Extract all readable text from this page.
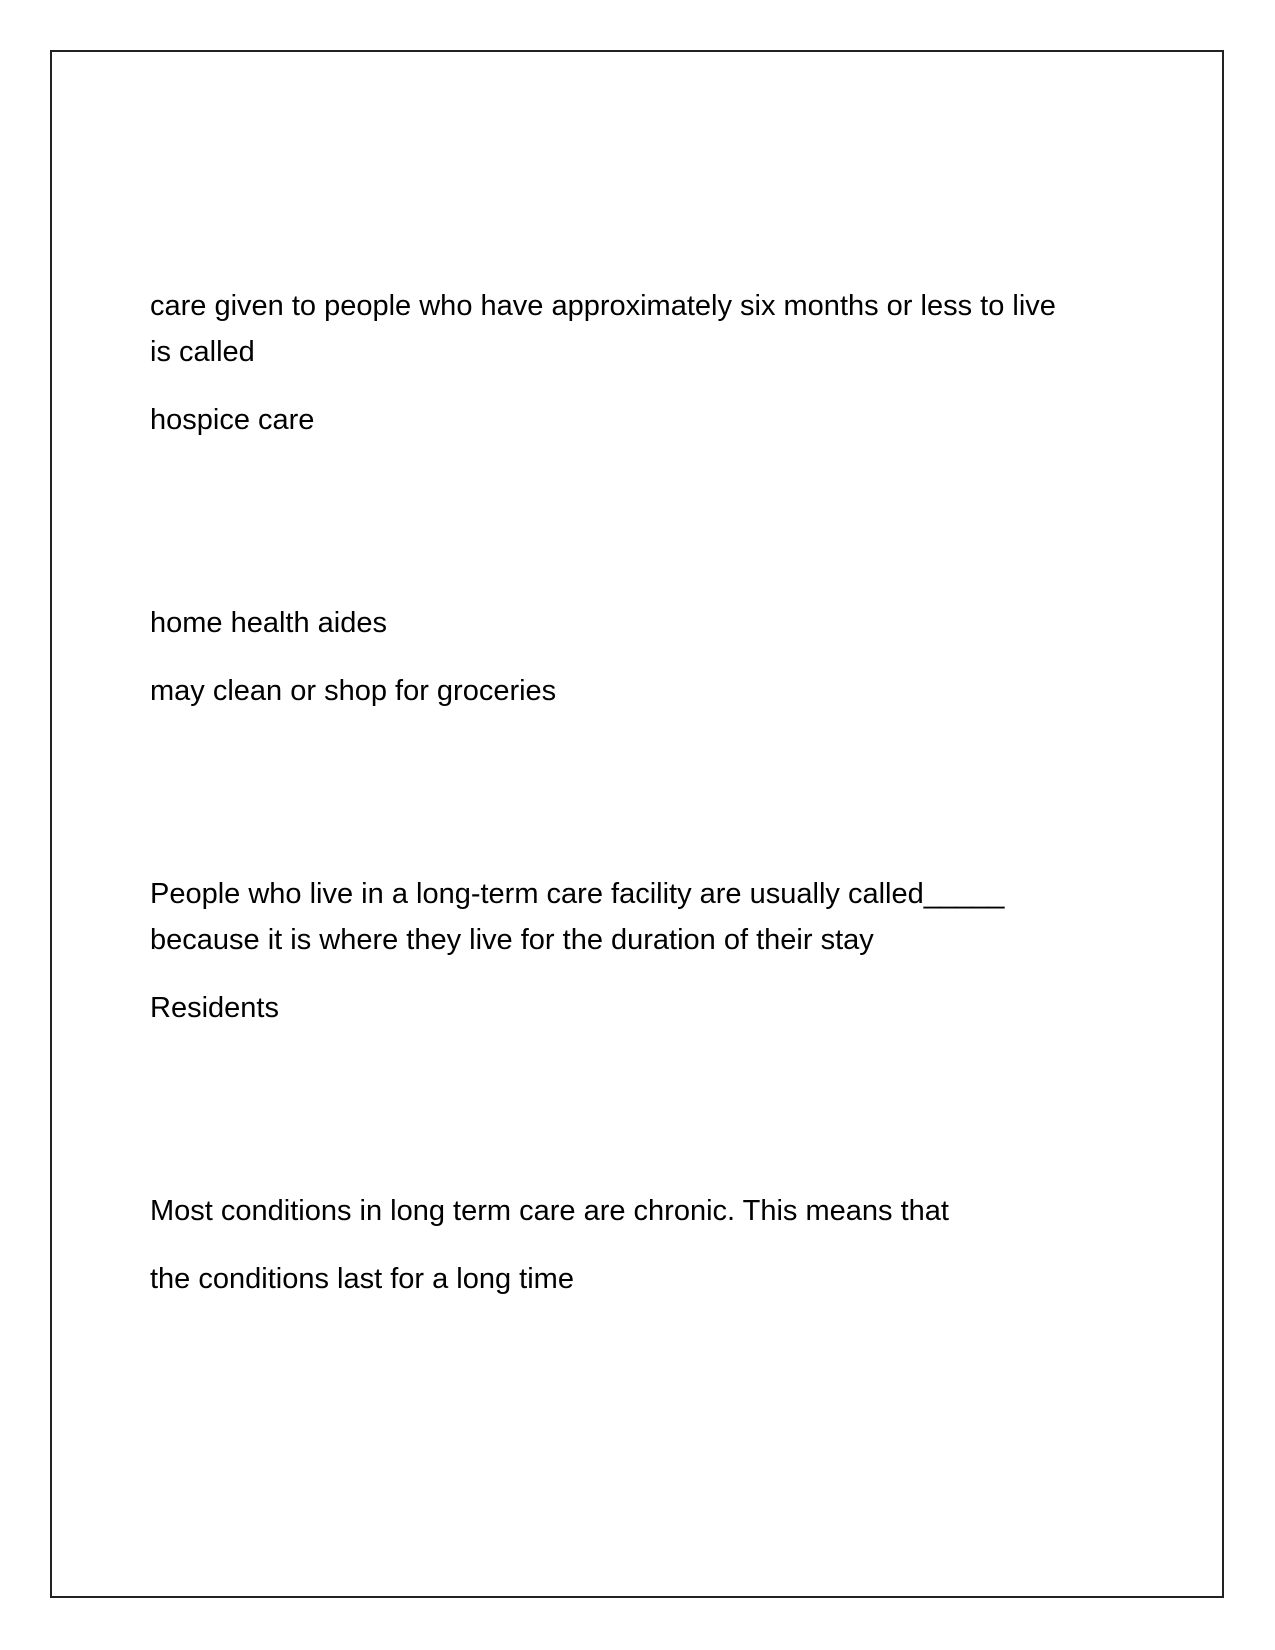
care given to people who have approximately six months or less to live

is called

hospice care

home health aides

may clean or shop for groceries

People who live in a long-term care facility are usually called_____

because it is where they live for the duration of their stay

Residents

Most conditions in long term care are chronic. This means that

the conditions last for a long time
